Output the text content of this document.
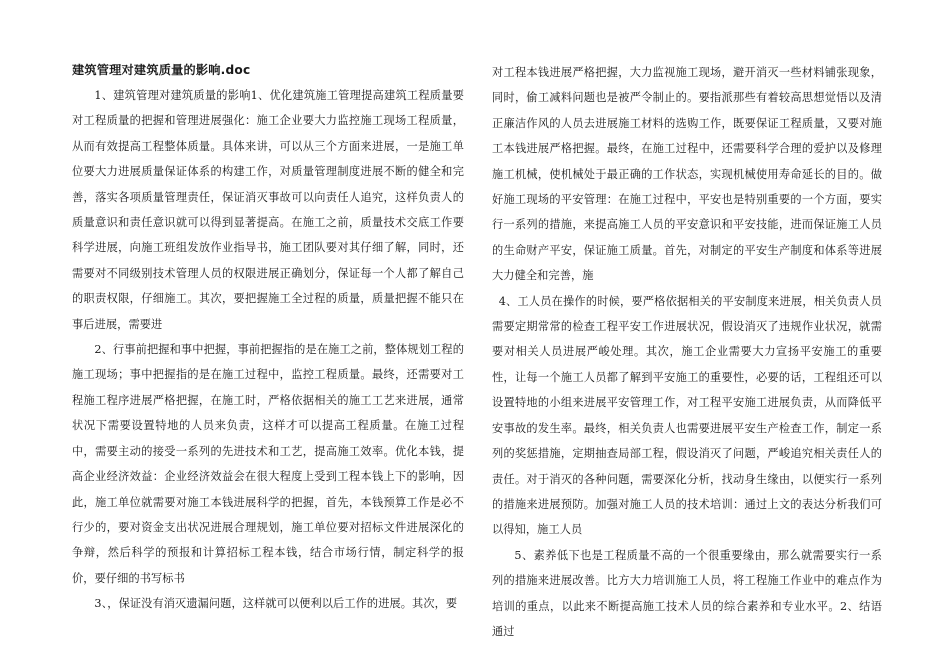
建筑管理对建筑质量的影响.doc

1、建筑管理对建筑质量的影响1、优化建筑施工管理提高建筑工程质量要对工程质量的把握和管理进展强化：施工企业要大力监控施工现场工程质量，从而有效提高工程整体质量。具体来讲，可以从三个方面来进展，一是施工单位要大力进展质量保证体系的构建工作，对质量管理制度进展不断的健全和完善，落实各项质量管理责任，保证消灭事故可以向责任人追究，这样负责人的质量意识和责任意识就可以得到显著提高。在施工之前，质量技术交底工作要科学进展，向施工班组发放作业指导书，施工团队要对其仔细了解，同时，还需要对不同级别技术管理人员的权限进展正确划分，保证每一个人都了解自己的职责权限，仔细施工。其次，要把握施工全过程的质量，质量把握不能只在事后进展，需要进

2、行事前把握和事中把握，事前把握指的是在施工之前，整体规划工程的施工现场；事中把握指的是在施工过程中，监控工程质量。最终，还需要对工程施工程序进展严格把握，在施工时，严格依据相关的施工工艺来进展，通常状况下需要设置特地的人员来负责，这样才可以提高工程质量。在施工过程中，需要主动的接受一系列的先进技术和工艺，提高施工效率。优化本钱，提高企业经济效益：企业经济效益会在很大程度上受到工程本钱上下的影响，因此，施工单位就需要对施工本钱进展科学的把握，首先，本钱预算工作是必不行少的，要对资金支出状况进展合理规划，施工单位要对招标文件进展深化的争辩，然后科学的预报和计算招标工程本钱，结合市场行情，制定科学的报价，要仔细的书写标书

3、，保证没有消灭遗漏问题，这样就可以便利以后工作的进展。其次，要

对工程本钱进展严格把握，大力监视施工现场，避开消灭一些材料铺张现象，同时，偷工减料问题也是被严令制止的。要指派那些有着较高思想觉悟以及清正廉洁作风的人员去进展施工材料的选购工作，既要保证工程质量，又要对施工本钱进展严格把握。最终，在施工过程中，还需要科学合理的爱护以及修理施工机械，使机械处于最正确的工作状态，实现机械使用寿命延长的目的。做好施工现场的平安管理：在施工过程中，平安也是特别重要的一个方面，要实行一系列的措施，来提高施工人员的平安意识和平安技能，进而保证施工人员的生命财产平安，保证施工质量。首先，对制定的平安生产制度和体系等进展大力健全和完善，施

4、工人员在操作的时候，要严格依据相关的平安制度来进展，相关负责人员需要定期常常的检查工程平安工作进展状况，假设消灭了违规作业状况，就需要对相关人员进展严峻处理。其次，施工企业需要大力宣扬平安施工的重要性，让每一个施工人员都了解到平安施工的重要性，必要的话，工程组还可以设置特地的小组来进展平安管理工作，对工程平安施工进展负责，从而降低平安事故的发生率。最终，相关负责人也需要进展平安生产检查工作，制定一系列的奖惩措施，定期抽查局部工程，假设消灭了问题，严峻追究相关责任人的责任。对于消灭的各种问题，需要深化分析，找动身生缘由，以便实行一系列的措施来进展预防。加强对施工人员的技术培训：通过上文的表达分析我们可以得知，施工人员

5、素养低下也是工程质量不高的一个很重要缘由，那么就需要实行一系列的措施来进展改善。比方大力培训施工人员，将工程施工作业中的难点作为培训的重点，以此来不断提高施工技术人员的综合素养和专业水平。2、结语通过
